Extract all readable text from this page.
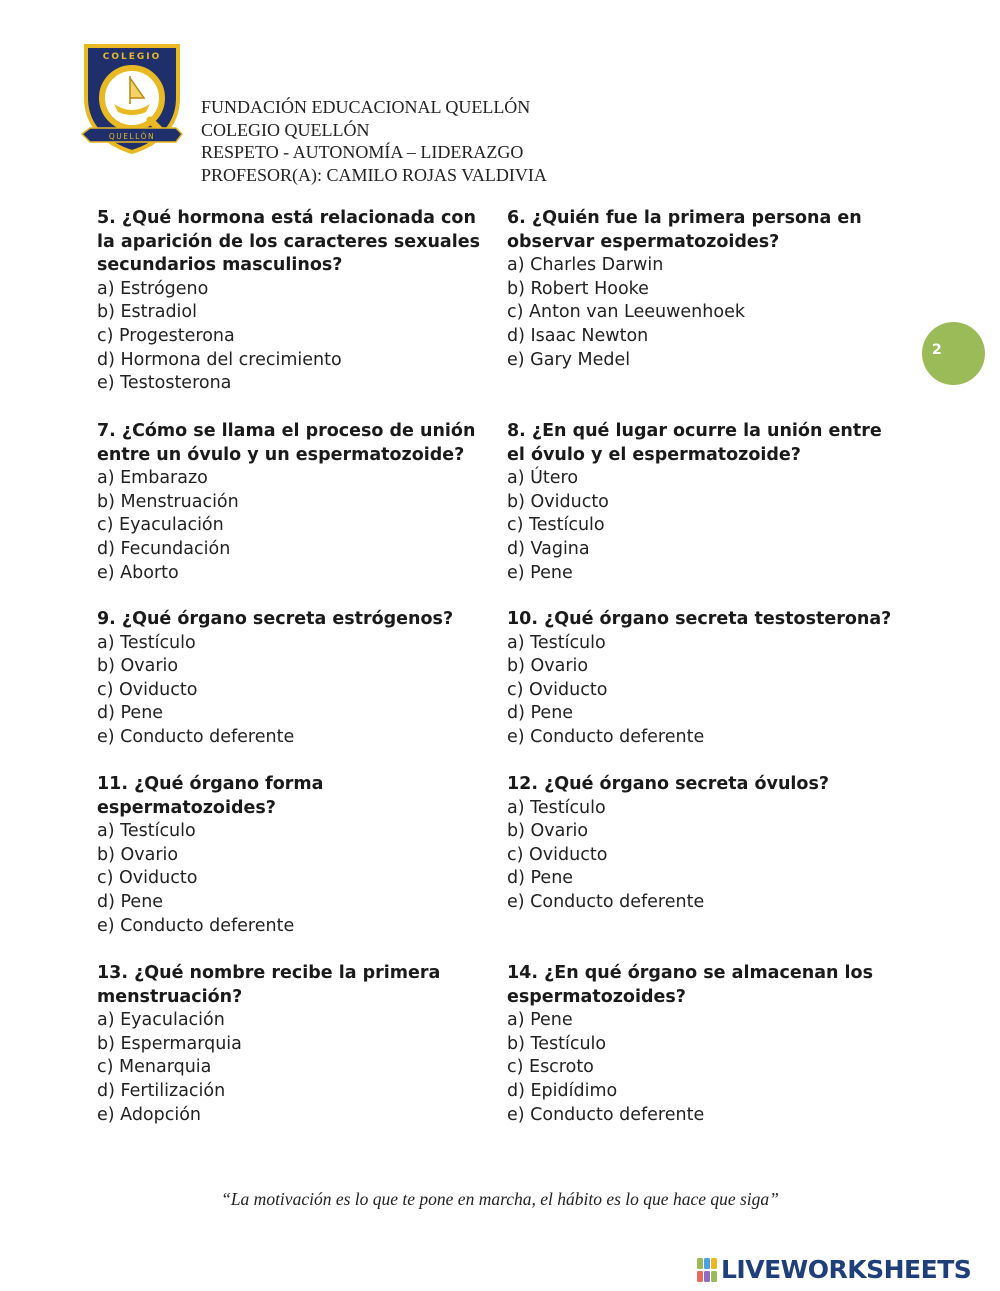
COLEGIO
QUELLÓN
FUNDACIÓN EDUCACIONAL QUELLÓN
COLEGIO QUELLÓN
RESPETO - AUTONOMÍA – LIDERAZGO
PROFESOR(A): CAMILO ROJAS VALDIVIA
2
5. ¿Qué hormona está relacionada con la aparición de los caracteres sexuales secundarios masculinos?
a) Estrógeno
b) Estradiol
c) Progesterona
d) Hormona del crecimiento
e) Testosterona
6. ¿Quién fue la primera persona en observar espermatozoides?
a) Charles Darwin
b) Robert Hooke
c) Anton van Leeuwenhoek
d) Isaac Newton
e) Gary Medel
7. ¿Cómo se llama el proceso de unión entre un óvulo y un espermatozoide?
a) Embarazo
b) Menstruación
c) Eyaculación
d) Fecundación
e) Aborto
8. ¿En qué lugar ocurre la unión entre el óvulo y el espermatozoide?
a) Útero
b) Oviducto
c) Testículo
d) Vagina
e) Pene
9. ¿Qué órgano secreta estrógenos?
a) Testículo
b) Ovario
c) Oviducto
d) Pene
e) Conducto deferente
10. ¿Qué órgano secreta testosterona?
a) Testículo
b) Ovario
c) Oviducto
d) Pene
e) Conducto deferente
11. ¿Qué órgano forma espermatozoides?
a) Testículo
b) Ovario
c) Oviducto
d) Pene
e) Conducto deferente
12. ¿Qué órgano secreta óvulos?
a) Testículo
b) Ovario
c) Oviducto
d) Pene
e) Conducto deferente
13. ¿Qué nombre recibe la primera menstruación?
a) Eyaculación
b) Espermarquia
c) Menarquia
d) Fertilización
e) Adopción
14. ¿En qué órgano se almacenan los espermatozoides?
a) Pene
b) Testículo
c) Escroto
d) Epidídimo
e) Conducto deferente
“La motivación es lo que te pone en marcha, el hábito es lo que hace que siga”
LIVEWORKSHEETS
